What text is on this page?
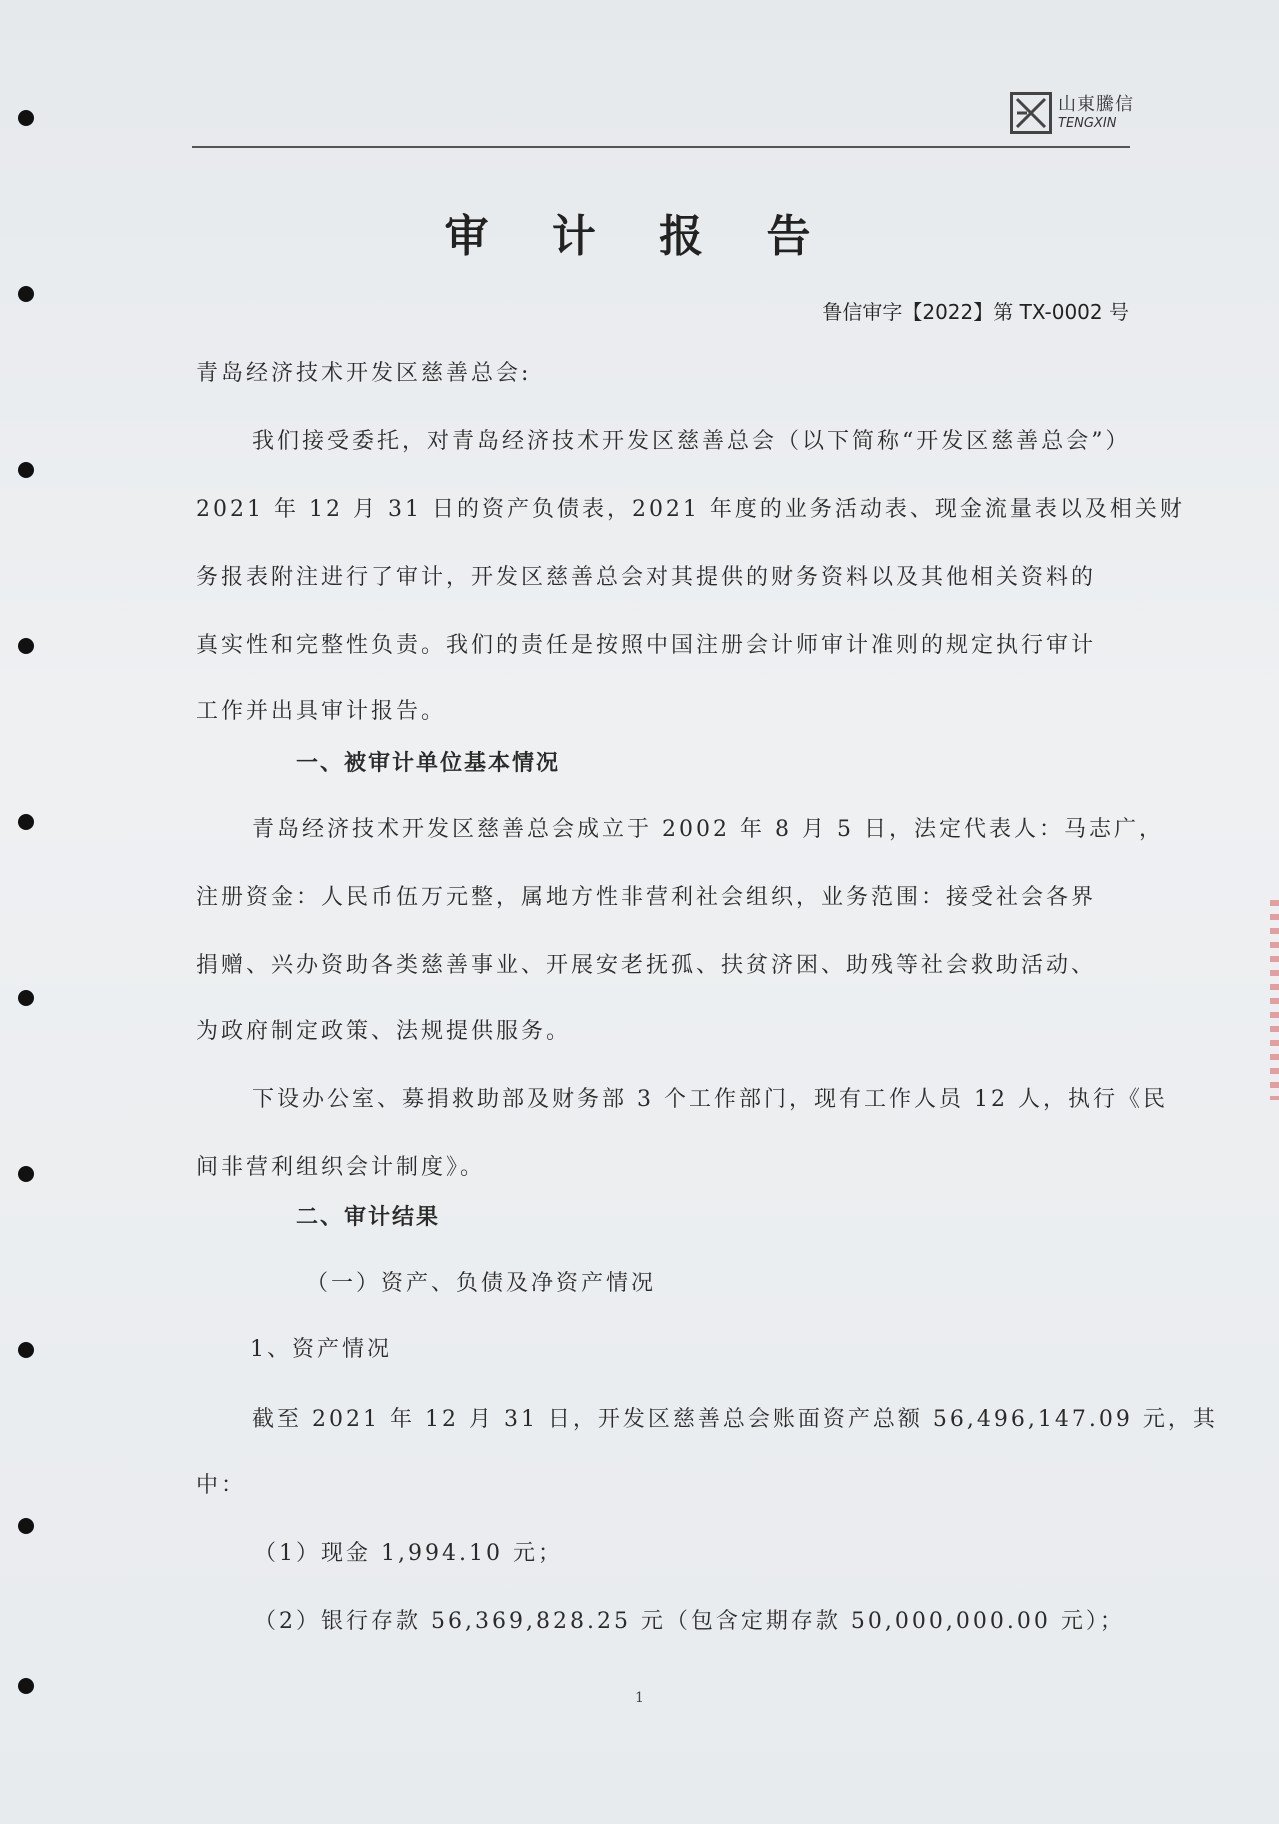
山東騰信
TENGXIN
审 计 报 告
鲁信审字【2022】第 TX-0002 号
青岛经济技术开发区慈善总会:
我们接受委托，对青岛经济技术开发区慈善总会（以下简称“开发区慈善总会”）
2021 年 12 月 31 日的资产负债表，2021 年度的业务活动表、现金流量表以及相关财
务报表附注进行了审计，开发区慈善总会对其提供的财务资料以及其他相关资料的
真实性和完整性负责。我们的责任是按照中国注册会计师审计准则的规定执行审计
工作并出具审计报告。
一、被审计单位基本情况
青岛经济技术开发区慈善总会成立于 2002 年 8 月 5 日，法定代表人：马志广，
注册资金：人民币伍万元整，属地方性非营利社会组织，业务范围：接受社会各界
捐赠、兴办资助各类慈善事业、开展安老抚孤、扶贫济困、助残等社会救助活动、
为政府制定政策、法规提供服务。
下设办公室、募捐救助部及财务部 3 个工作部门，现有工作人员 12 人，执行《民
间非营利组织会计制度》。
二、审计结果
（一）资产、负债及净资产情况
1、资产情况
截至 2021 年 12 月 31 日，开发区慈善总会账面资产总额 56,496,147.09 元，其
中：
（1）现金 1,994.10 元；
（2）银行存款 56,369,828.25 元（包含定期存款 50,000,000.00 元）；
1
